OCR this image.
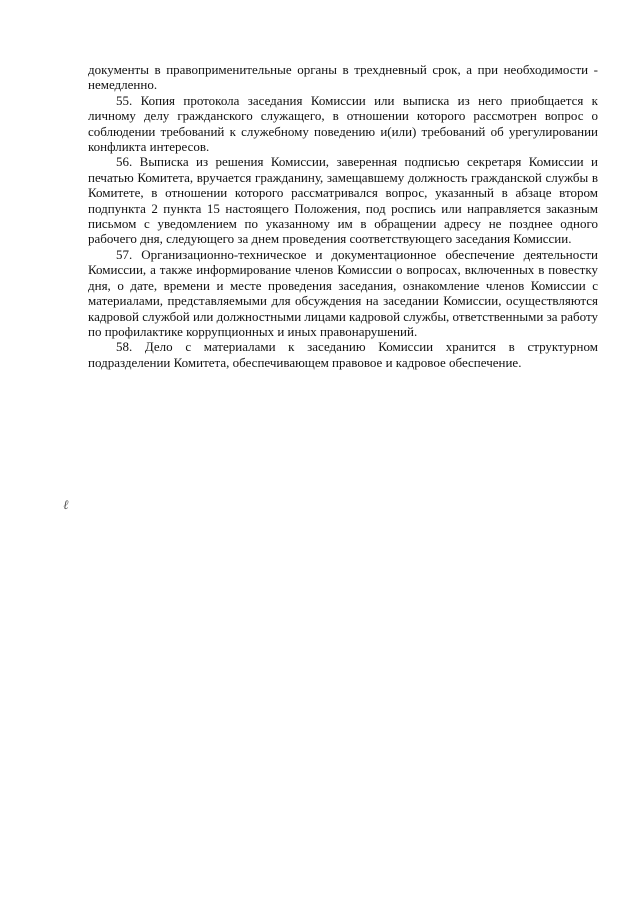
документы в правоприменительные органы в трехдневный срок, а при необходимости - немедленно.

55. Копия протокола заседания Комиссии или выписка из него приобщается к личному делу гражданского служащего, в отношении которого рассмотрен вопрос о соблюдении требований к служебному поведению и(или) требований об урегулировании конфликта интересов.

56. Выписка из решения Комиссии, заверенная подписью секретаря Комиссии и печатью Комитета, вручается гражданину, замещавшему должность гражданской службы в Комитете, в отношении которого рассматривался вопрос, указанный в абзаце втором подпункта 2 пункта 15 настоящего Положения, под роспись или направляется заказным письмом с уведомлением по указанному им в обращении адресу не позднее одного рабочего дня, следующего за днем проведения соответствующего заседания Комиссии.

57. Организационно-техническое и документационное обеспечение деятельности Комиссии, а также информирование членов Комиссии о вопросах, включенных в повестку дня, о дате, времени и месте проведения заседания, ознакомление членов Комиссии с материалами, представляемыми для обсуждения на заседании Комиссии, осуществляются кадровой службой или должностными лицами кадровой службы, ответственными за работу по профилактике коррупционных и иных правонарушений.

58. Дело с материалами к заседанию Комиссии хранится в структурном подразделении Комитета, обеспечивающем правовое и кадровое обеспечение.

ℓ
